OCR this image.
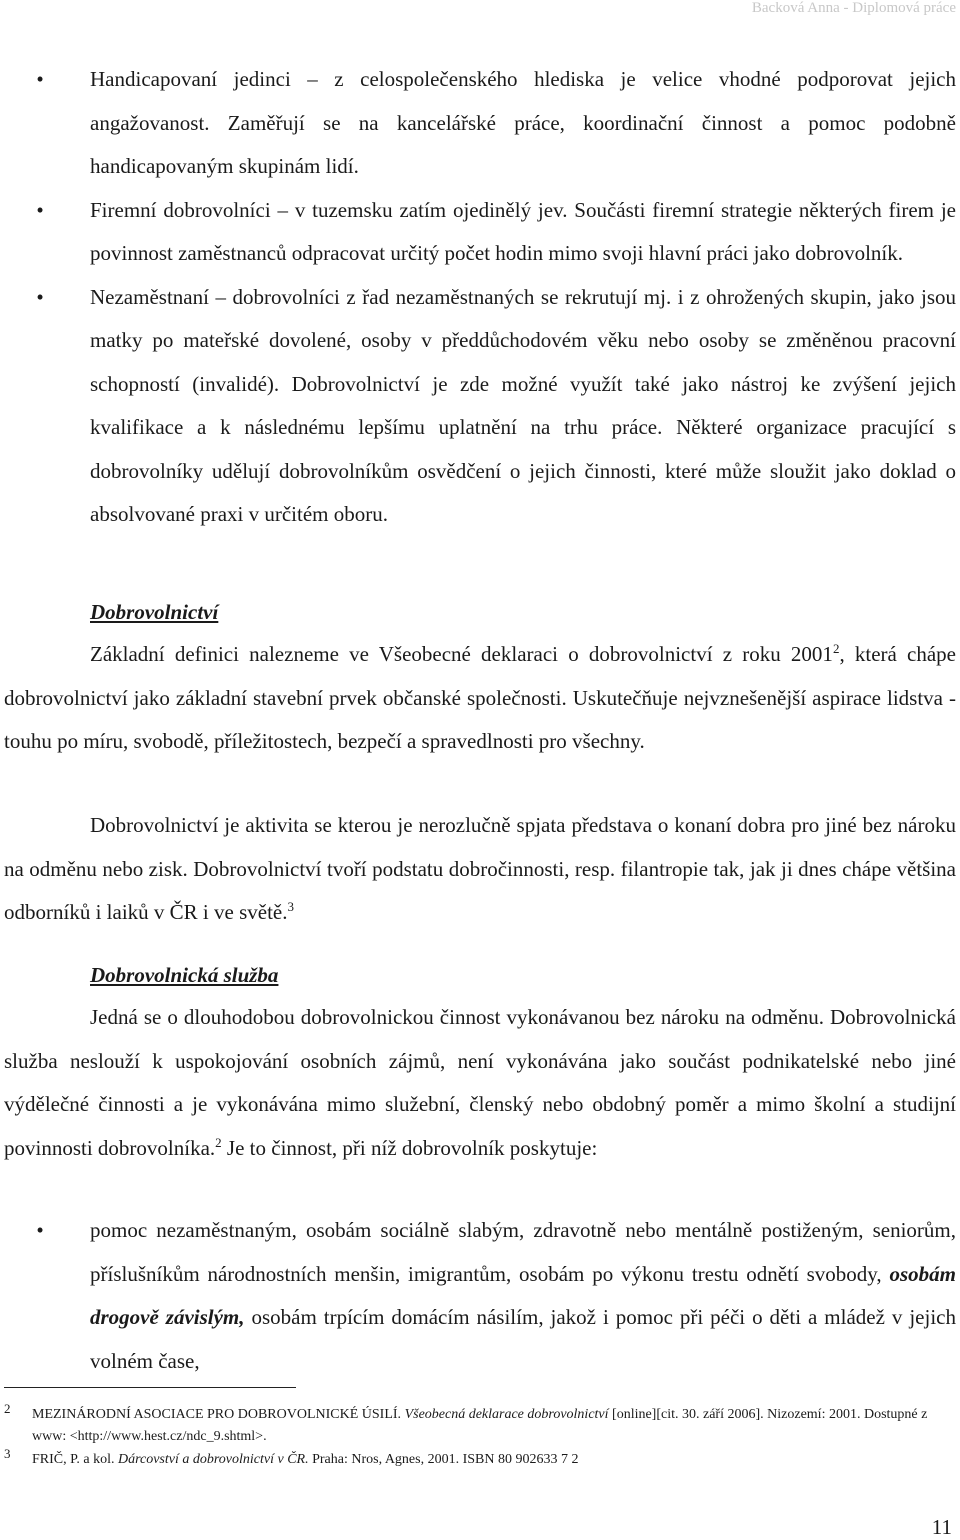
Backová Anna - Diplomová práce
•	Handicapovaní jedinci – z celospolečenského hlediska je velice vhodné podporovat jejich angažovanost. Zaměřují se na kancelářské práce, koordinační činnost a pomoc podobně handicapovaným skupinám lidí.
•	Firemní dobrovolníci – v tuzemsku zatím ojedinělý jev. Součásti firemní strategie některých firem je povinnost zaměstnanců odpracovat určitý počet hodin mimo svoji hlavní práci jako dobrovolník.
•	Nezaměstnaní – dobrovolníci z řad nezaměstnaných se rekrutují mj. i z ohrožených skupin, jako jsou matky po mateřské dovolené, osoby v předdůchodovém věku nebo osoby se změněnou pracovní schopností (invalidé). Dobrovolnictví je zde možné využít také jako nástroj ke zvýšení jejich kvalifikace a k následnému lepšímu uplatnění na trhu práce. Některé organizace pracující s dobrovolníky udělují dobrovolníkům osvědčení o jejich činnosti, které může sloužit jako doklad o absolvované praxi v určitém oboru.
Dobrovolnictví
Základní definici nalezneme ve Všeobecné deklaraci o dobrovolnictví z roku 2001$^2$, která chápe dobrovolnictví jako základní stavební prvek občanské společnosti. Uskutečňuje nejvznešenější aspirace lidstva - touhu po míru, svobodě, příležitostech, bezpečí a spravedlnosti pro všechny.
Dobrovolnictví je aktivita se kterou je nerozlučně spjata představa o konaní dobra pro jiné bez nároku na odměnu nebo zisk. Dobrovolnictví tvoří podstatu dobročinnosti, resp. filantropie tak, jak ji dnes chápe většina odborníků i laiků v ČR i ve světě.$^3$
Dobrovolnická služba
Jedná se o dlouhodobou dobrovolnickou činnost vykonávanou bez nároku na odměnu. Dobrovolnická služba neslouží k uspokojování osobních zájmů, není vykonávána jako součást podnikatelské nebo jiné výdělečné činnosti a je vykonávána mimo služební, členský nebo obdobný poměr a mimo školní a studijní povinnosti dobrovolníka.$^2$ Je to činnost, při níž dobrovolník poskytuje:
•	pomoc nezaměstnaným, osobám sociálně slabým, zdravotně nebo mentálně postiženým, seniorům, příslušníkům národnostních menšin, imigrantům, osobám po výkonu trestu odnětí svobody, osobám drogově závislým, osobám trpícím domácím násilím, jakož i pomoc při péči o děti a mládež v jejich volném čase,
2	MEZINÁRODNÍ ASOCIACE PRO DOBROVOLNICKÉ ÚSILÍ. Všeobecná deklarace dobrovolnictví [online][cit. 30. září 2006]. Nizozemí: 2001. Dostupné z www: <http://www.hest.cz/ndc_9.shtml>.
3	FRIČ, P. a kol. Dárcovství a dobrovolnictví v ČR. Praha: Nros, Agnes, 2001. ISBN 80 902633 7 2
11
